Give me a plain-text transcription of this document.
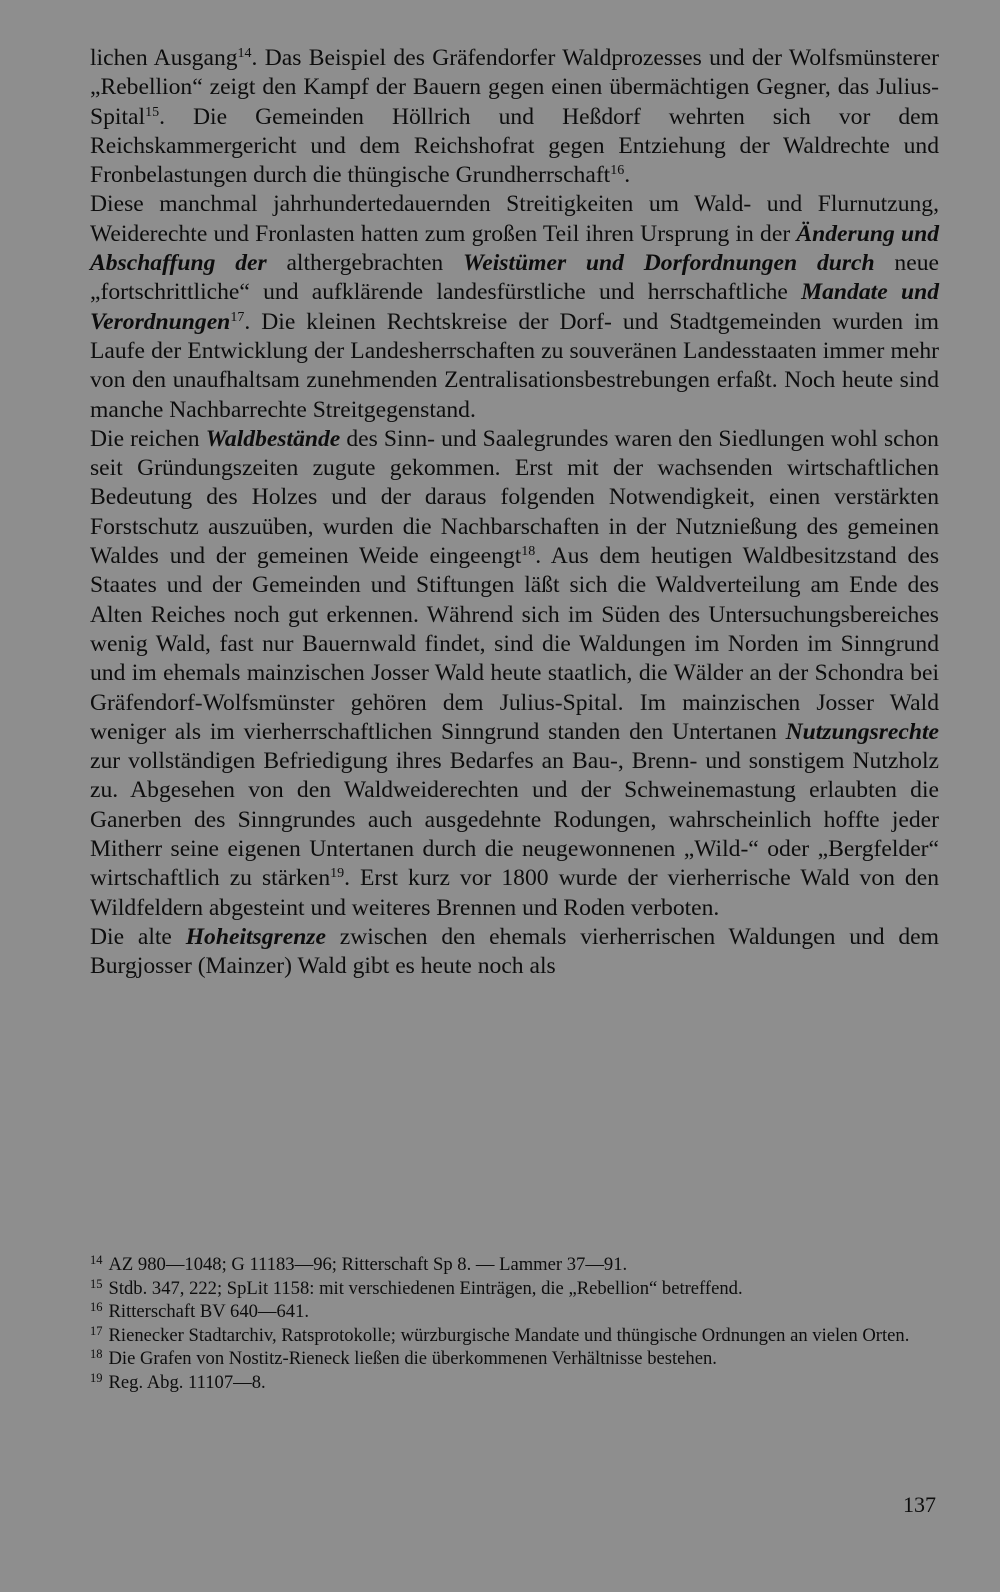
lichen Ausgang$^{14}$. Das Beispiel des Gräfendorfer Waldprozesses und der Wolfsmünsterer „Rebellion“ zeigt den Kampf der Bauern gegen einen übermächtigen Gegner, das Julius-Spital$^{15}$. Die Gemeinden Höllrich und Heßdorf wehrten sich vor dem Reichskammergericht und dem Reichshofrat gegen Entziehung der Waldrechte und Fronbelastungen durch die thüngische Grundherrschaft$^{16}$.

Diese manchmal jahrhundertedauernden Streitigkeiten um Wald- und Flurnutzung, Weiderechte und Fronlasten hatten zum großen Teil ihren Ursprung in der Änderung und Abschaffung der althergebrachten Weistümer und Dorfordnungen durch neue „fortschrittliche“ und aufklärende landesfürstliche und herrschaftliche Mandate und Verordnungen$^{17}$. Die kleinen Rechtskreise der Dorf- und Stadtgemeinden wurden im Laufe der Entwicklung der Landesherrschaften zu souveränen Landesstaaten immer mehr von den unaufhaltsam zunehmenden Zentralisationsbestrebungen erfaßt. Noch heute sind manche Nachbarrechte Streitgegenstand.

Die reichen Waldbestände des Sinn- und Saalegrundes waren den Siedlungen wohl schon seit Gründungszeiten zugute gekommen. Erst mit der wachsenden wirtschaftlichen Bedeutung des Holzes und der daraus folgenden Notwendigkeit, einen verstärkten Forstschutz auszuüben, wurden die Nachbarschaften in der Nutznießung des gemeinen Waldes und der gemeinen Weide eingeengt$^{18}$. Aus dem heutigen Waldbesitzstand des Staates und der Gemeinden und Stiftungen läßt sich die Waldverteilung am Ende des Alten Reiches noch gut erkennen. Während sich im Süden des Untersuchungsbereiches wenig Wald, fast nur Bauernwald findet, sind die Waldungen im Norden im Sinngrund und im ehemals mainzischen Josser Wald heute staatlich, die Wälder an der Schondra bei Gräfendorf-Wolfsmünster gehören dem Julius-Spital. Im mainzischen Josser Wald weniger als im vierherrschaftlichen Sinngrund standen den Untertanen Nutzungsrechte zur vollständigen Befriedigung ihres Bedarfes an Bau-, Brenn- und sonstigem Nutzholz zu. Abgesehen von den Waldweiderechten und der Schweinemastung erlaubten die Ganerben des Sinngrundes auch ausgedehnte Rodungen, wahrscheinlich hoffte jeder Mitherr seine eigenen Untertanen durch die neugewonnenen „Wild-“ oder „Bergfelder“ wirtschaftlich zu stärken$^{19}$. Erst kurz vor 1800 wurde der vierherrische Wald von den Wildfeldern abgesteint und weiteres Brennen und Roden verboten.

Die alte Hoheitsgrenze zwischen den ehemals vierherrischen Waldungen und dem Burgjosser (Mainzer) Wald gibt es heute noch als

$^{14}$ AZ 980—1048; G 11183—96; Ritterschaft Sp 8. — Lammer 37—91.

$^{15}$ Stdb. 347, 222; SpLit 1158: mit verschiedenen Einträgen, die „Rebellion“ betreffend.

$^{16}$ Ritterschaft BV 640—641.

$^{17}$ Rienecker Stadtarchiv, Ratsprotokolle; würzburgische Mandate und thüngische Ordnungen an vielen Orten.

$^{18}$ Die Grafen von Nostitz-Rieneck ließen die überkommenen Verhältnisse bestehen.

$^{19}$ Reg. Abg. 11107—8.

137
